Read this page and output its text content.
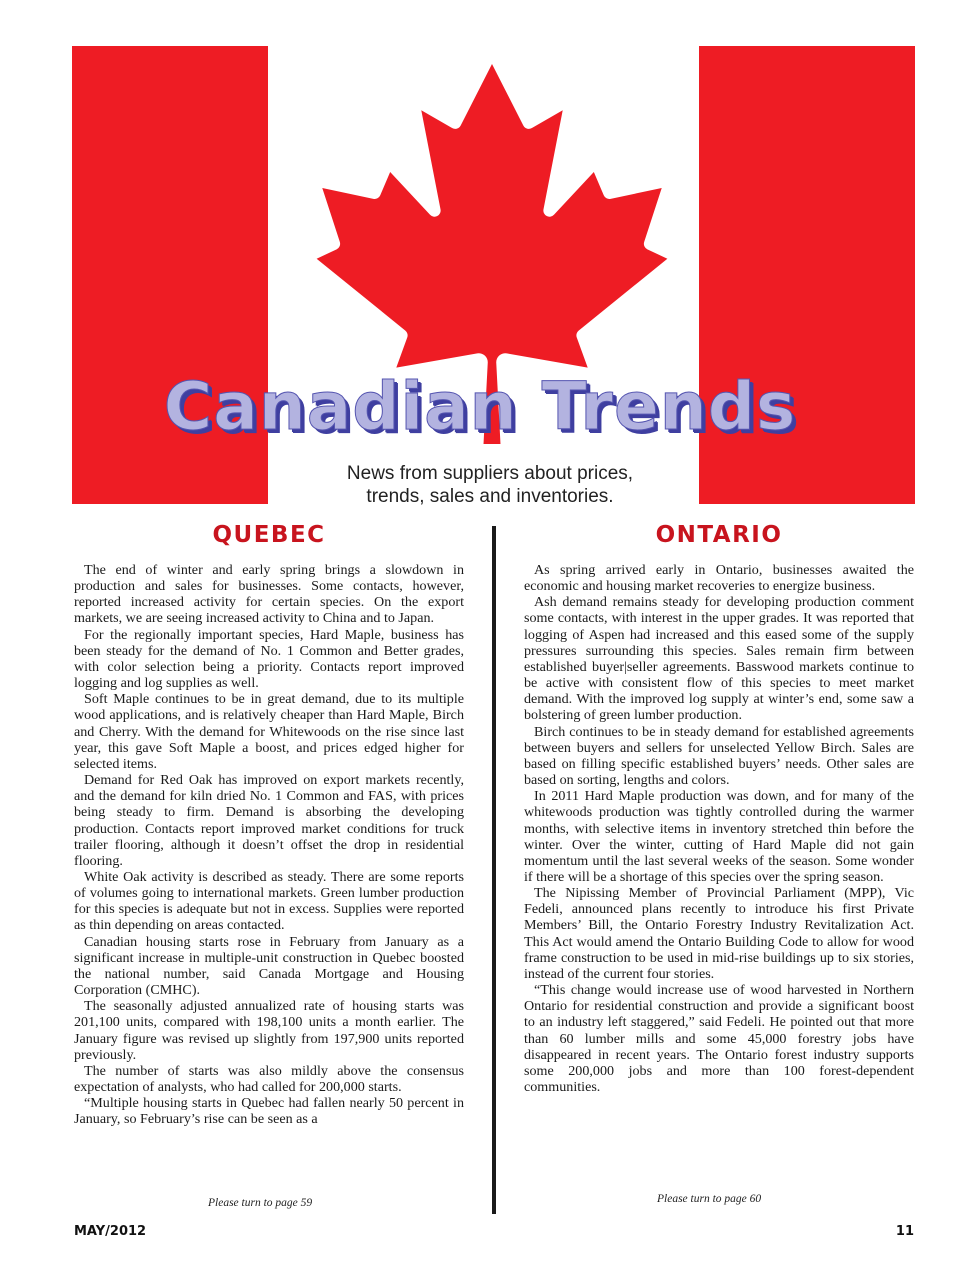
Canadian Trends
News from suppliers about prices,
trends, sales and inventories.
QUEBEC

The end of winter and early spring brings a slowdown in production and sales for businesses. Some contacts, however, reported increased activity for certain species. On the export markets, we are seeing increased activity to China and to Japan.

For the regionally important species, Hard Maple, business has been steady for the demand of No. 1 Common and Better grades, with color selection being a priority. Contacts report improved logging and log supplies as well.

Soft Maple continues to be in great demand, due to its multiple wood applications, and is relatively cheaper than Hard Maple, Birch and Cherry. With the demand for Whitewoods on the rise since last year, this gave Soft Maple a boost, and prices edged higher for selected items.

Demand for Red Oak has improved on export markets recently, and the demand for kiln dried No. 1 Common and FAS, with prices being steady to firm. Demand is absorbing the developing production. Contacts report improved market conditions for truck trailer flooring, although it doesn’t offset the drop in residential flooring.

White Oak activity is described as steady. There are some reports of volumes going to international markets. Green lumber production for this species is adequate but not in excess. Supplies were reported as thin depending on areas contacted.

Canadian housing starts rose in February from January as a significant increase in multiple-unit construction in Quebec boosted the national number, said Canada Mortgage and Housing Corporation (CMHC).

The seasonally adjusted annualized rate of housing starts was 201,100 units, compared with 198,100 units a month earlier. The January figure was revised up slightly from 197,900 units reported previously.

The number of starts was also mildly above the consensus expectation of analysts, who had called for 200,000 starts.

“Multiple housing starts in Quebec had fallen nearly 50 percent in January, so February’s rise can be seen as a

ONTARIO

As spring arrived early in Ontario, businesses awaited the economic and housing market recoveries to energize business.

Ash demand remains steady for developing production comment some contacts, with interest in the upper grades. It was reported that logging of Aspen had increased and this eased some of the supply pressures surrounding this species. Sales remain firm between established buyer|seller agreements. Basswood markets continue to be active with consistent flow of this species to meet market demand. With the improved log supply at winter’s end, some saw a bolstering of green lumber production.

Birch continues to be in steady demand for established agreements between buyers and sellers for unselected Yellow Birch. Sales are based on filling specific established buyers’ needs. Other sales are based on sorting, lengths and colors.

In 2011 Hard Maple production was down, and for many of the whitewoods production was tightly controlled during the warmer months, with selective items in inventory stretched thin before the winter. Over the winter, cutting of Hard Maple did not gain momentum until the last several weeks of the season. Some wonder if there will be a shortage of this species over the spring season.

The Nipissing Member of Provincial Parliament (MPP), Vic Fedeli, announced plans recently to introduce his first Private Members’ Bill, the Ontario Forestry Industry Revitalization Act. This Act would amend the Ontario Building Code to allow for wood frame construction to be used in mid-rise buildings up to six stories, instead of the current four stories.

“This change would increase use of wood harvested in Northern Ontario for residential construction and provide a significant boost to an industry left staggered,” said Fedeli. He pointed out that more than 60 lumber mills and some 45,000 forestry jobs have disappeared in recent years. The Ontario forest industry supports some 200,000 jobs and more than 100 forest-dependent communities.

Please turn to page 59	Please turn to page 60
MAY/2012	11
